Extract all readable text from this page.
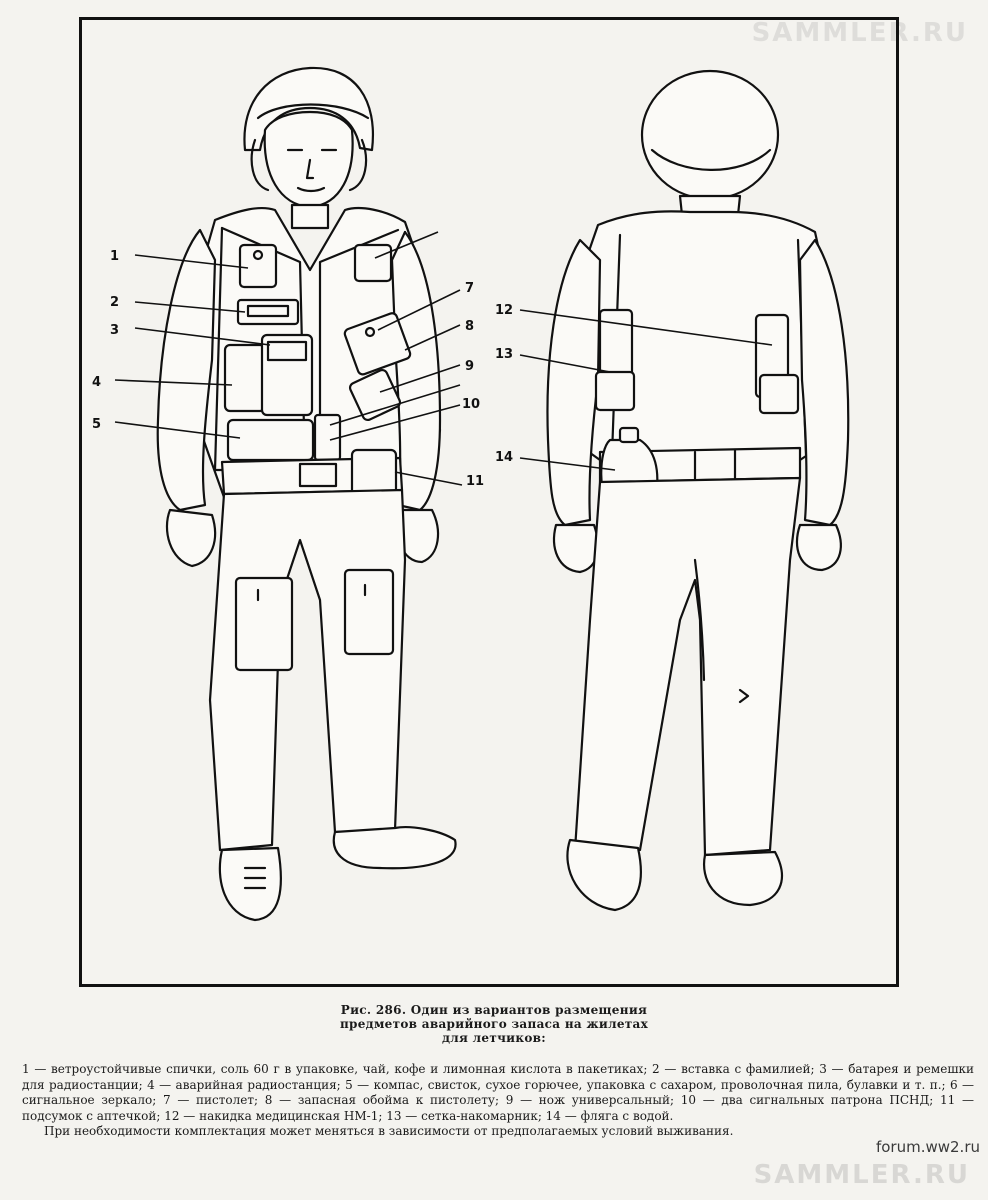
SAMMLER.RU
1
2
3
4
5
7
8
9
10
11
12
13
14
Рис. 286. Один из вариантов размещения
предметов аварийного запаса на жилетах
для летчиков:

1 — ветроустойчивые спички, соль 60 г в упаковке, чай, кофе и лимонная кислота в пакетиках; 2 — вставка с фамилией; 3 — батарея и ремешки для радиостанции; 4 — аварийная радиостанция; 5 — компас, свисток, сухое горючее, упаковка с сахаром, проволочная пила, булавки и т. п.; 6 — сигнальное зеркало; 7 — пистолет; 8 — запасная обойма к пистолету; 9 — нож универсальный; 10 — два сигнальных патрона ПСНД; 11 — подсумок с аптечкой; 12 — накидка медицинская НМ-1; 13 — сетка-накомарник; 14 — фляга с водой.

При необходимости комплектация может меняться в зависимости от предполагаемых условий выживания.

forum.ww2.ru
SAMMLER.RU
